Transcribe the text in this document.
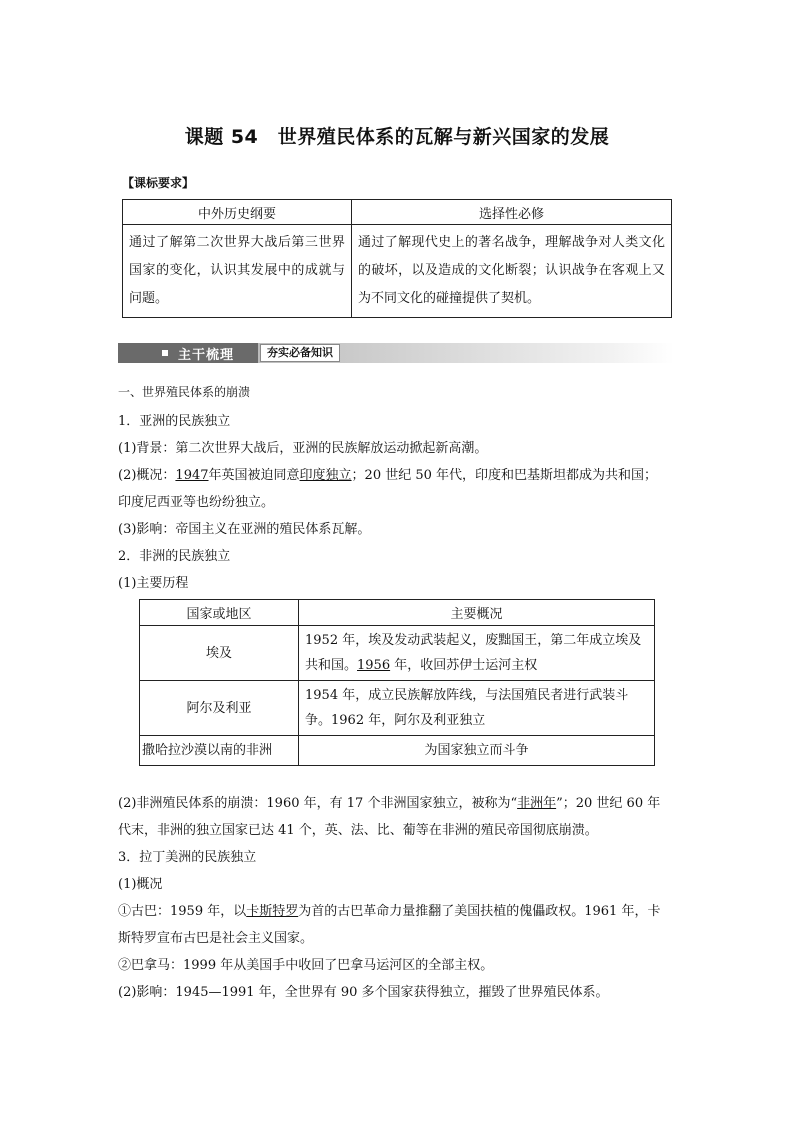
课题 54　世界殖民体系的瓦解与新兴国家的发展
【课标要求】
中外历史纲要	选择性必修
通过了解第二次世界大战后第三世界国家的变化，认识其发展中的成就与问题。	通过了解现代史上的著名战争，理解战争对人类文化的破坏，以及造成的文化断裂；认识战争在客观上又为不同文化的碰撞提供了契机。
主干梳理	夯实必备知识
一、世界殖民体系的崩溃
1．亚洲的民族独立
(1)背景：第二次世界大战后，亚洲的民族解放运动掀起新高潮。
(2)概况：1947年英国被迫同意印度独立；20 世纪 50 年代，印度和巴基斯坦都成为共和国；
印度尼西亚等也纷纷独立。
(3)影响：帝国主义在亚洲的殖民体系瓦解。
2．非洲的民族独立
(1)主要历程
国家或地区	主要概况
埃及	1952 年，埃及发动武装起义，废黜国王，第二年成立埃及共和国。1956 年，收回苏伊士运河主权
阿尔及利亚	1954 年，成立民族解放阵线，与法国殖民者进行武装斗争。1962 年，阿尔及利亚独立
撒哈拉沙漠以南的非洲	为国家独立而斗争
(2)非洲殖民体系的崩溃：1960 年，有 17 个非洲国家独立，被称为“非洲年”；20 世纪 60 年
代末，非洲的独立国家已达 41 个，英、法、比、葡等在非洲的殖民帝国彻底崩溃。
3．拉丁美洲的民族独立
(1)概况
①古巴：1959 年，以卡斯特罗为首的古巴革命力量推翻了美国扶植的傀儡政权。1961 年，卡
斯特罗宣布古巴是社会主义国家。
②巴拿马：1999 年从美国手中收回了巴拿马运河区的全部主权。
(2)影响：1945—1991 年，全世界有 90 多个国家获得独立，摧毁了世界殖民体系。
